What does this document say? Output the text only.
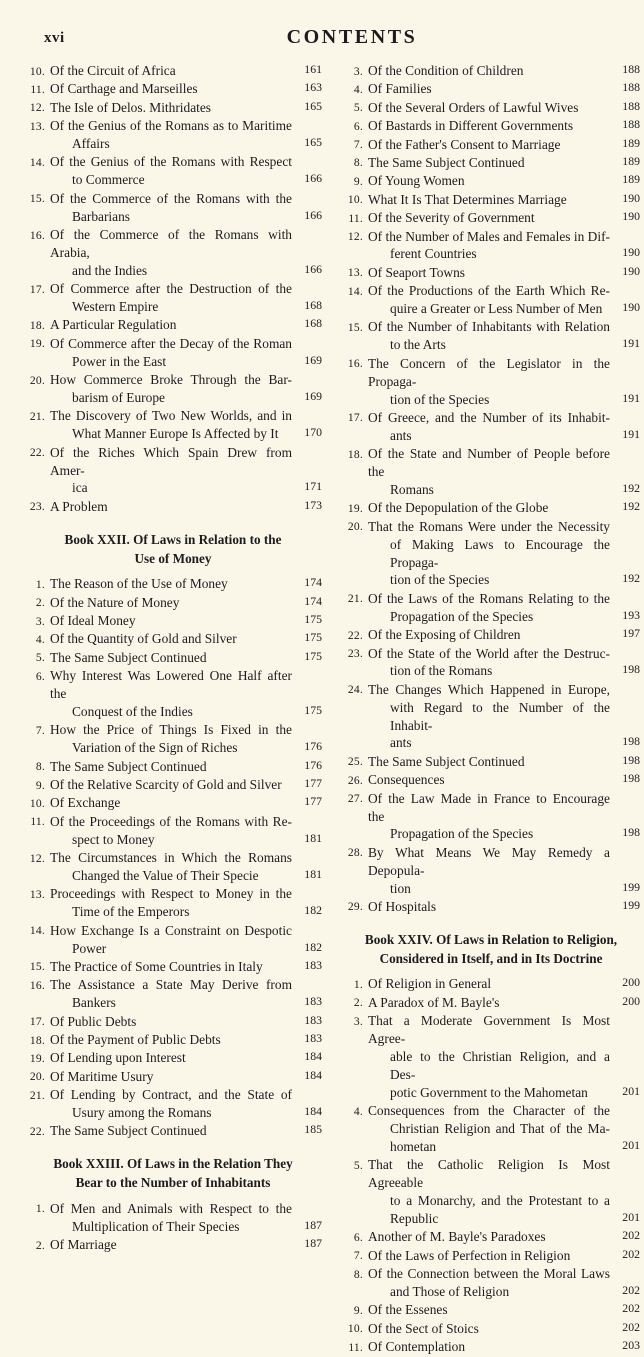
xvi	CONTENTS
10. Of the Circuit of Africa	161
11. Of Carthage and Marseilles	163
12. The Isle of Delos. Mithridates	165
13. Of the Genius of the Romans as to Maritime
Affairs	165
14. Of the Genius of the Romans with Respect
to Commerce	166
15. Of the Commerce of the Romans with the
Barbarians	166
16. Of the Commerce of the Romans with Arabia,
and the Indies	166
17. Of Commerce after the Destruction of the
Western Empire	168
18. A Particular Regulation	168
19. Of Commerce after the Decay of the Roman
Power in the East	169
20. How Commerce Broke Through the Bar-
barism of Europe	169
21. The Discovery of Two New Worlds, and in
What Manner Europe Is Affected by It 170
22. Of the Riches Which Spain Drew from Amer-
ica	171
23. A Problem	173
Book XXII. Of Laws in Relation to the
Use of Money
1. The Reason of the Use of Money	174
2. Of the Nature of Money	174
3. Of Ideal Money	175
4. Of the Quantity of Gold and Silver	175
5. The Same Subject Continued	175
6. Why Interest Was Lowered One Half after the
Conquest of the Indies	175
7. How the Price of Things Is Fixed in the
Variation of the Sign of Riches	176
8. The Same Subject Continued	176
9. Of the Relative Scarcity of Gold and Silver 177
10. Of Exchange	177
11. Of the Proceedings of the Romans with Re-
spect to Money	181
12. The Circumstances in Which the Romans
Changed the Value of Their Specie	181
13. Proceedings with Respect to Money in the
Time of the Emperors	182
14. How Exchange Is a Constraint on Despotic
Power	182
15. The Practice of Some Countries in Italy	183
16. The Assistance a State May Derive from
Bankers	183
17. Of Public Debts	183
18. Of the Payment of Public Debts	183
19. Of Lending upon Interest	184
20. Of Maritime Usury	184
21. Of Lending by Contract, and the State of
Usury among the Romans	184
22. The Same Subject Continued	185
Book XXIII. Of Laws in the Relation They
Bear to the Number of Inhabitants
1. Of Men and Animals with Respect to the
Multiplication of Their Species	187
2. Of Marriage	187
3. Of the Condition of Children	188
4. Of Families	188
5. Of the Several Orders of Lawful Wives	188
6. Of Bastards in Different Governments	188
7. Of the Father's Consent to Marriage	189
8. The Same Subject Continued	189
9. Of Young Women	189
10. What It Is That Determines Marriage	190
11. Of the Severity of Government	190
12. Of the Number of Males and Females in Dif-
ferent Countries	190
13. Of Seaport Towns	190
14. Of the Productions of the Earth Which Re-
quire a Greater or Less Number of Men 190
15. Of the Number of Inhabitants with Relation
to the Arts	191
16. The Concern of the Legislator in the Propaga-
tion of the Species	191
17. Of Greece, and the Number of its Inhabit-
ants	191
18. Of the State and Number of People before the
Romans	192
19. Of the Depopulation of the Globe	192
20. That the Romans Were under the Necessity
of Making Laws to Encourage the Propaga-
tion of the Species	192
21. Of the Laws of the Romans Relating to the
Propagation of the Species	193
22. Of the Exposing of Children	197
23. Of the State of the World after the Destruc-
tion of the Romans	198
24. The Changes Which Happened in Europe,
with Regard to the Number of the Inhabit-
ants	198
25. The Same Subject Continued	198
26. Consequences	198
27. Of the Law Made in France to Encourage the
Propagation of the Species	198
28. By What Means We May Remedy a Depopula-
tion	199
29. Of Hospitals	199
Book XXIV. Of Laws in Relation to Religion,
Considered in Itself, and in Its Doctrine
1. Of Religion in General	200
2. A Paradox of M. Bayle's	200
3. That a Moderate Government Is Most Agree-
able to the Christian Religion, and a Des-
potic Government to the Mahometan	201
4. Consequences from the Character of the
Christian Religion and That of the Ma-
hometan	201
5. That the Catholic Religion Is Most Agreeable
to a Monarchy, and the Protestant to a
Republic	201
6. Another of M. Bayle's Paradoxes	202
7. Of the Laws of Perfection in Religion	202
8. Of the Connection between the Moral Laws
and Those of Religion	202
9. Of the Essenes	202
10. Of the Sect of Stoics	202
11. Of Contemplation	203
